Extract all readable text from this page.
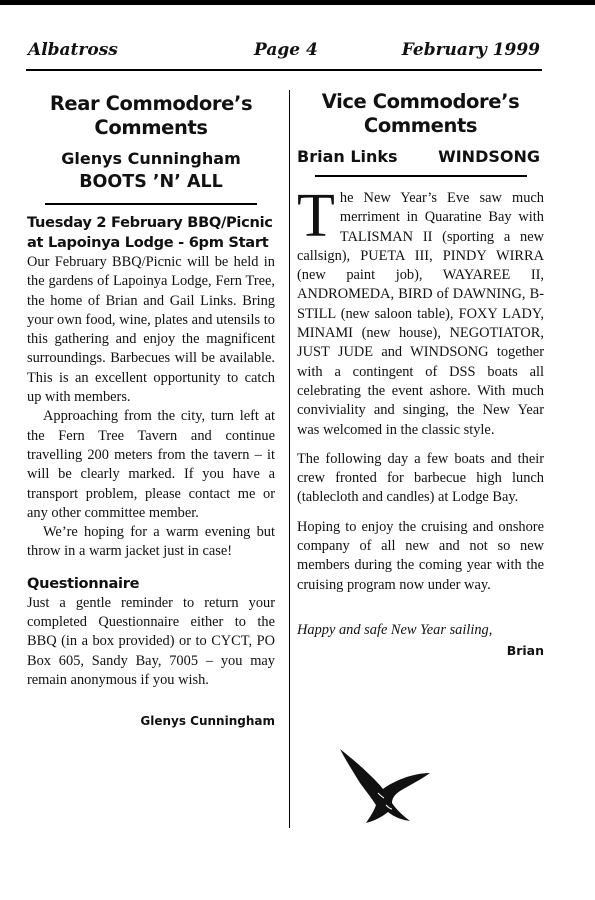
Albatross	Page 4	February 1999
Rear Commodore’s
Comments
Glenys Cunningham
BOOTS ’N’ ALL
Tuesday 2 February BBQ/Picnic
at Lapoinya Lodge - 6pm Start

Our February BBQ/Picnic will be held in the gardens of Lapoinya Lodge, Fern Tree, the home of Brian and Gail Links. Bring your own food, wine, plates and utensils to this gathering and enjoy the magnificent surroundings. Barbecues will be available. This is an excellent opportunity to catch up with members.

Approaching from the city, turn left at the Fern Tree Tavern and continue travelling 200 meters from the tavern – it will be clearly marked. If you have a transport problem, please contact me or any other committee member.

We’re hoping for a warm evening but throw in a warm jacket just in case!

Questionnaire

Just a gentle reminder to return your completed Questionnaire either to the BBQ (in a box provided) or to CYCT, PO Box 605, Sandy Bay, 7005 – you may remain anonymous if you wish.

Glenys Cunningham
Vice Commodore’s
Comments
Brian Links	WINDSONG

The New Year’s Eve saw much merriment in Quaratine Bay with TALISMAN II (sporting a new callsign), PUETA III, PINDY WIRRA (new paint job), WAYAREE II, ANDROMEDA, BIRD of DAWNING, B-STILL (new saloon table), FOXY LADY, MINAMI (new house), NEGOTIATOR, JUST JUDE and WINDSONG together with a contingent of DSS boats all celebrating the event ashore. With much conviviality and singing, the New Year was welcomed in the classic style.

The following day a few boats and their crew fronted for barbecue high lunch (tablecloth and candles) at Lodge Bay.

Hoping to enjoy the cruising and onshore company of all new and not so new members during the coming year with the cruising program now under way.

Happy and safe New Year sailing,
Brian
